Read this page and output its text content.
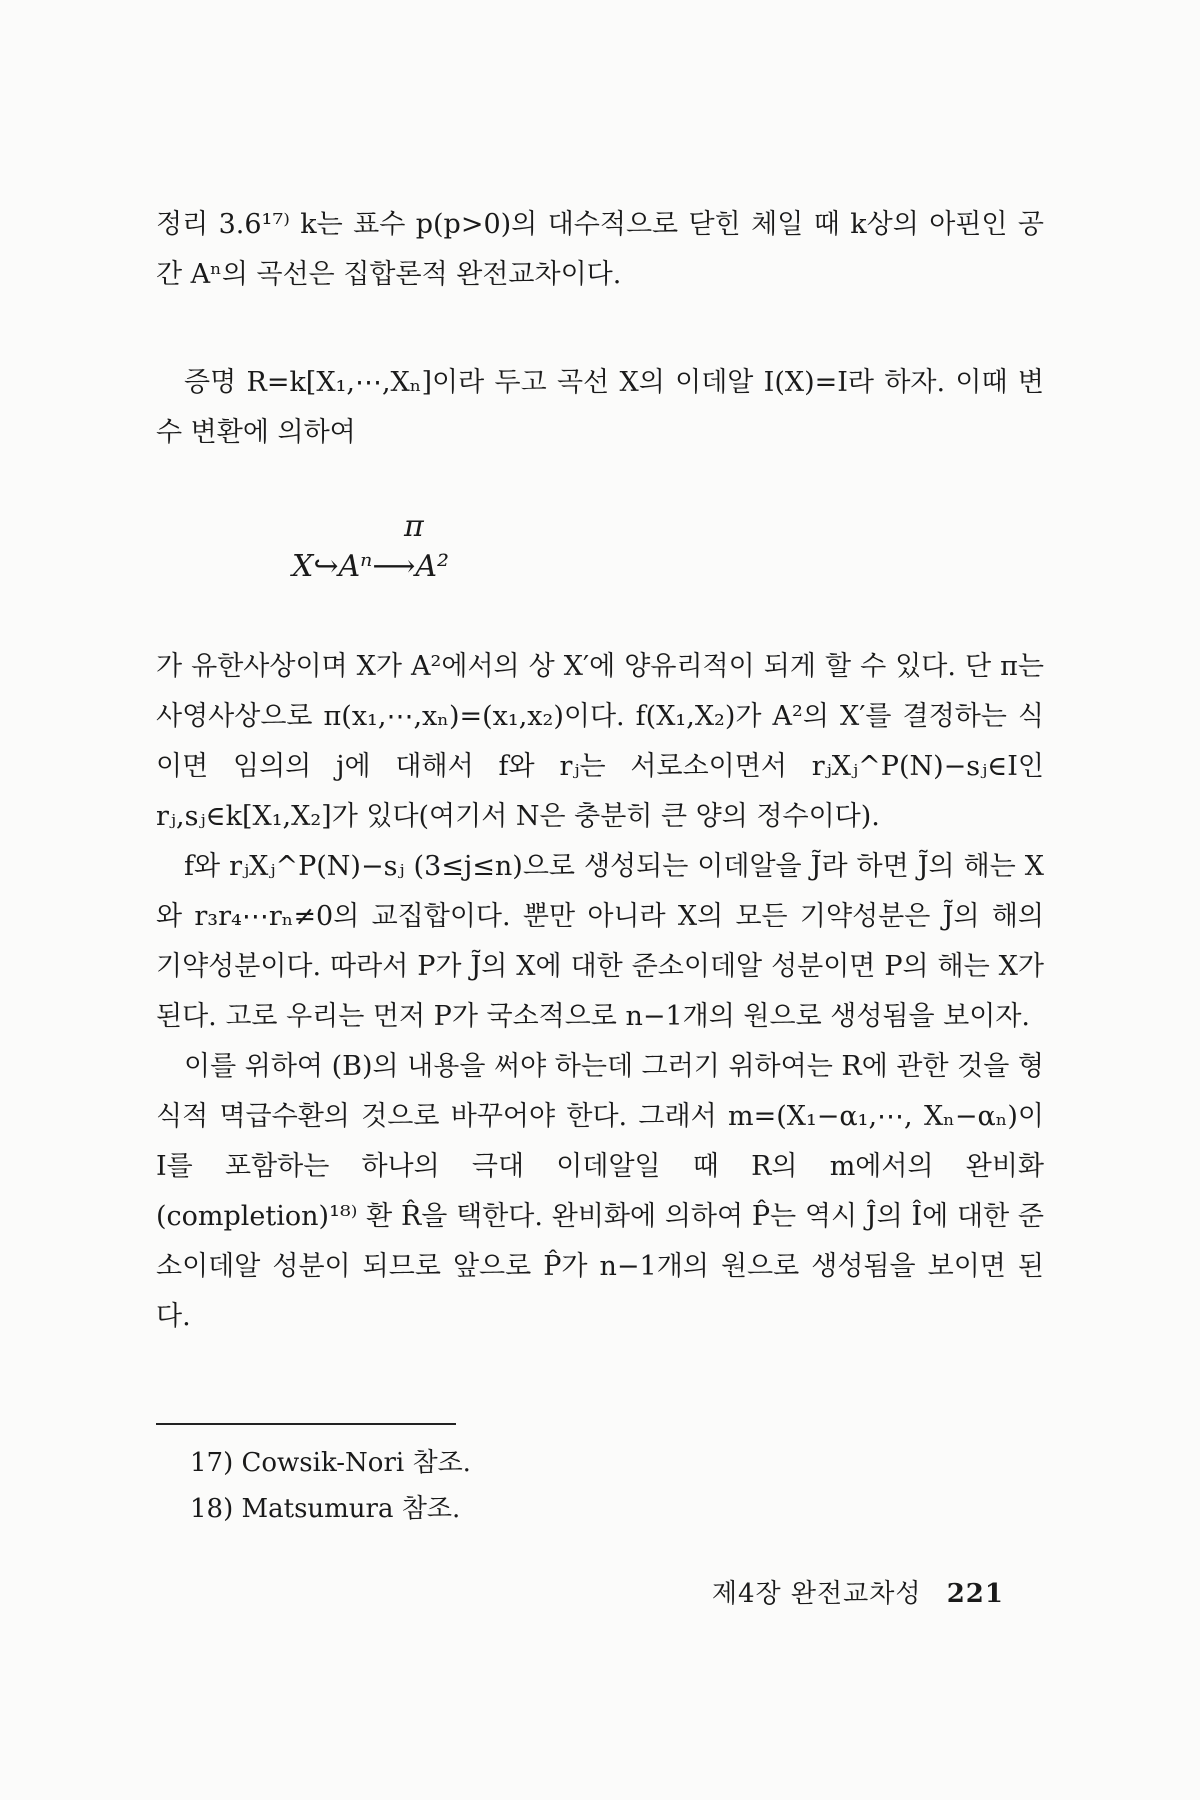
정리 3.6¹⁷⁾ k는 표수 p(p>0)의 대수적으로 닫힌 체일 때 k상의 아핀인 공간 Aⁿ의 곡선은 집합론적 완전교차이다.

증명 R=k[X₁,⋯,Xₙ]이라 두고 곡선 X의 이데알 I(X)=I라 하자. 이때 변수 변환에 의하여

π
X↪Aⁿ⟶A²

가 유한사상이며 X가 A²에서의 상 X′에 양유리적이 되게 할 수 있다. 단 π는 사영사상으로 π(x₁,⋯,xₙ)=(x₁,x₂)이다. f(X₁,X₂)가 A²의 X′를 결정하는 식이면 임의의 j에 대해서 f와 rⱼ는 서로소이면서 rⱼXⱼ^P(N)−sⱼ∈I인 rⱼ,sⱼ∈k[X₁,X₂]가 있다(여기서 N은 충분히 큰 양의 정수이다).

f와 rⱼXⱼ^P(N)−sⱼ (3≤j≤n)으로 생성되는 이데알을 J̃라 하면 J̃의 해는 X와 r₃r₄⋯rₙ≠0의 교집합이다. 뿐만 아니라 X의 모든 기약성분은 J̃의 해의 기약성분이다. 따라서 P가 J̃의 X에 대한 준소이데알 성분이면 P의 해는 X가 된다. 고로 우리는 먼저 P가 국소적으로 n−1개의 원으로 생성됨을 보이자.

이를 위하여 (B)의 내용을 써야 하는데 그러기 위하여는 R에 관한 것을 형식적 멱급수환의 것으로 바꾸어야 한다. 그래서 m=(X₁−α₁,⋯, Xₙ−αₙ)이 I를 포함하는 하나의 극대 이데알일 때 R의 m에서의 완비화(completion)¹⁸⁾ 환 R̂을 택한다. 완비화에 의하여 P̂는 역시 Ĵ의 Î에 대한 준소이데알 성분이 되므로 앞으로 P̂가 n−1개의 원으로 생성됨을 보이면 된다.

17) Cowsik-Nori 참조.
18) Matsumura 참조.
제4장 완전교차성 221
